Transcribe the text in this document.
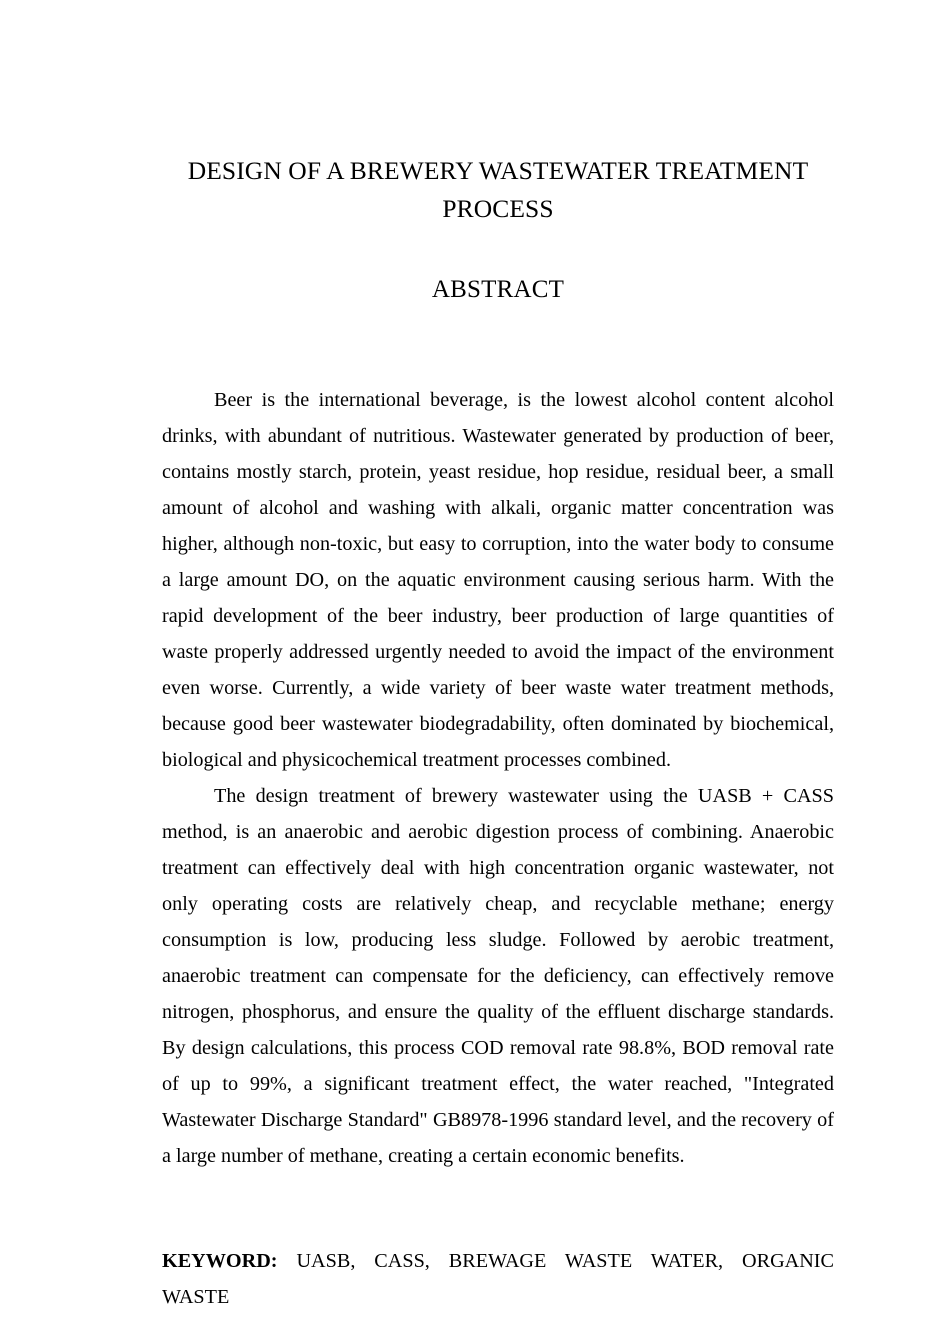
DESIGN OF A BREWERY WASTEWATER TREATMENT PROCESS
ABSTRACT

Beer is the international beverage, is the lowest alcohol content alcohol drinks, with abundant of nutritious. Wastewater generated by production of beer, contains mostly starch, protein, yeast residue, hop residue, residual beer, a small amount of alcohol and washing with alkali, organic matter concentration was higher, although non-toxic, but easy to corruption, into the water body to consume a large amount DO, on the aquatic environment causing serious harm. With the rapid development of the beer industry, beer production of large quantities of waste properly addressed urgently needed to avoid the impact of the environment even worse. Currently, a wide variety of beer waste water treatment methods, because good beer wastewater biodegradability, often dominated by biochemical, biological and physicochemical treatment processes combined.

The design treatment of brewery wastewater using the UASB + CASS method, is an anaerobic and aerobic digestion process of combining. Anaerobic treatment can effectively deal with high concentration organic wastewater, not only operating costs are relatively cheap, and recyclable methane; energy consumption is low, producing less sludge. Followed by aerobic treatment, anaerobic treatment can compensate for the deficiency, can effectively remove nitrogen, phosphorus, and ensure the quality of the effluent discharge standards. By design calculations, this process COD removal rate 98.8%, BOD removal rate of up to 99%, a significant treatment effect, the water reached, "Integrated Wastewater Discharge Standard" GB8978-1996 standard level, and the recovery of a large number of methane, creating a certain economic benefits.

KEYWORD: UASB, CASS, BREWAGE WASTE WATER, ORGANIC WASTE
